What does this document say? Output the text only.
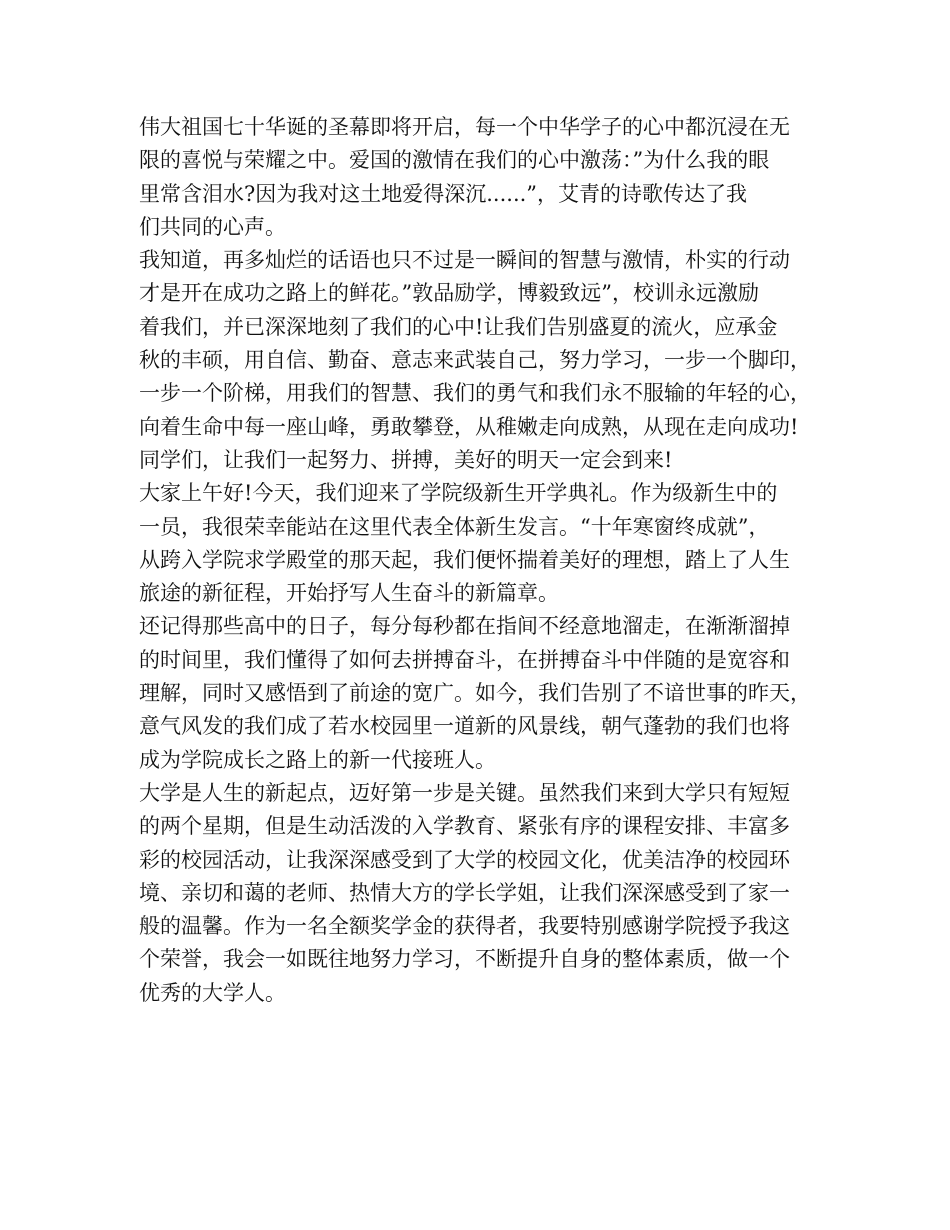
伟大祖国七十华诞的圣幕即将开启，每一个中华学子的心中都沉浸在无
限的喜悦与荣耀之中。爱国的激情在我们的心中激荡：”为什么我的眼
里常含泪水?因为我对这土地爱得深沉......”，艾青的诗歌传达了我
们共同的心声。
我知道，再多灿烂的话语也只不过是一瞬间的智慧与激情，朴实的行动
才是开在成功之路上的鲜花。”敦品励学，博毅致远”，校训永远激励
着我们，并已深深地刻了我们的心中!让我们告别盛夏的流火，应承金
秋的丰硕，用自信、勤奋、意志来武装自己，努力学习，一步一个脚印，
一步一个阶梯，用我们的智慧、我们的勇气和我们永不服输的年轻的心，
向着生命中每一座山峰，勇敢攀登，从稚嫩走向成熟，从现在走向成功!
同学们，让我们一起努力、拼搏，美好的明天一定会到来!
大家上午好!今天，我们迎来了学院级新生开学典礼。作为级新生中的
一员，我很荣幸能站在这里代表全体新生发言。“十年寒窗终成就”，
从跨入学院求学殿堂的那天起，我们便怀揣着美好的理想，踏上了人生
旅途的新征程，开始抒写人生奋斗的新篇章。
还记得那些高中的日子，每分每秒都在指间不经意地溜走，在渐渐溜掉
的时间里，我们懂得了如何去拼搏奋斗，在拼搏奋斗中伴随的是宽容和
理解，同时又感悟到了前途的宽广。如今，我们告别了不谙世事的昨天，
意气风发的我们成了若水校园里一道新的风景线，朝气蓬勃的我们也将
成为学院成长之路上的新一代接班人。
大学是人生的新起点，迈好第一步是关键。虽然我们来到大学只有短短
的两个星期，但是生动活泼的入学教育、紧张有序的课程安排、丰富多
彩的校园活动，让我深深感受到了大学的校园文化，优美洁净的校园环
境、亲切和蔼的老师、热情大方的学长学姐，让我们深深感受到了家一
般的温馨。作为一名全额奖学金的获得者，我要特别感谢学院授予我这
个荣誉，我会一如既往地努力学习，不断提升自身的整体素质，做一个
优秀的大学人。
